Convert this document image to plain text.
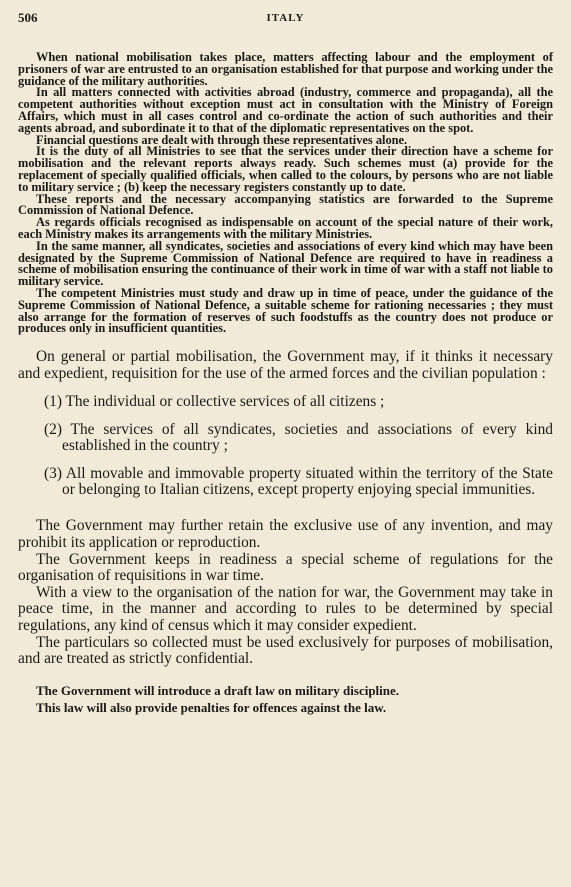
506	ITALY

When national mobilisation takes place, matters affecting labour and the employment of prisoners of war are entrusted to an organisation established for that purpose and working under the guidance of the military authorities.

In all matters connected with activities abroad (industry, commerce and propaganda), all the competent authorities without exception must act in consultation with the Ministry of Foreign Affairs, which must in all cases control and co-ordinate the action of such authorities and their agents abroad, and subordinate it to that of the diplomatic representatives on the spot.

Financial questions are dealt with through these representatives alone.

It is the duty of all Ministries to see that the services under their direction have a scheme for mobilisation and the relevant reports always ready. Such schemes must (a) provide for the replacement of specially qualified officials, when called to the colours, by persons who are not liable to military service ; (b) keep the necessary registers constantly up to date.

These reports and the necessary accompanying statistics are forwarded to the Supreme Commission of National Defence.

As regards officials recognised as indispensable on account of the special nature of their work, each Ministry makes its arrangements with the military Ministries.

In the same manner, all syndicates, societies and associations of every kind which may have been designated by the Supreme Commission of National Defence are required to have in readiness a scheme of mobilisation ensuring the continuance of their work in time of war with a staff not liable to military service.

The competent Ministries must study and draw up in time of peace, under the guidance of the Supreme Commission of National Defence, a suitable scheme for rationing necessaries ; they must also arrange for the formation of reserves of such foodstuffs as the country does not produce or produces only in insufficient quantities.

On general or partial mobilisation, the Government may, if it thinks it necessary and expedient, requisition for the use of the armed forces and the civilian population :

(1) The individual or collective services of all citizens ;
(2) The services of all syndicates, societies and associations of every kind established in the country ;
(3) All movable and immovable property situated within the territory of the State or belonging to Italian citizens, except property enjoying special immunities.

The Government may further retain the exclusive use of any invention, and may prohibit its application or reproduction.

The Government keeps in readiness a special scheme of regulations for the organisation of requisitions in war time.

With a view to the organisation of the nation for war, the Government may take in peace time, in the manner and according to rules to be determined by special regulations, any kind of census which it may consider expedient.

The particulars so collected must be used exclusively for purposes of mobilisation, and are treated as strictly confidential.

The Government will introduce a draft law on military discipline.

This law will also provide penalties for offences against the law.
